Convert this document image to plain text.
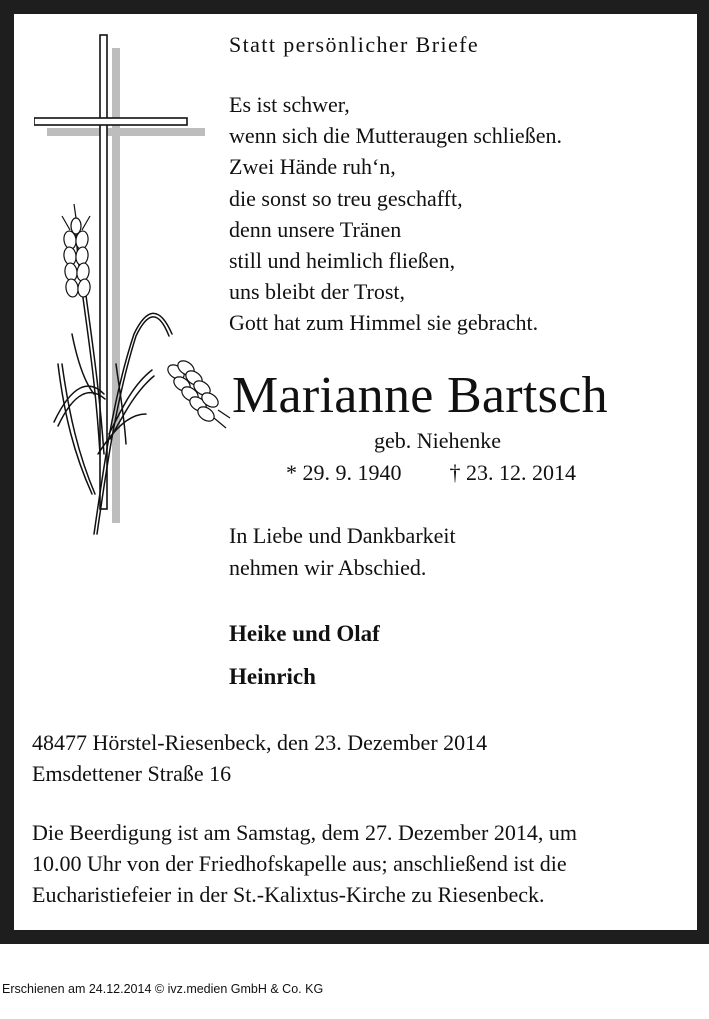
Statt persönlicher Briefe
Es ist schwer,
wenn sich die Mutteraugen schließen.
Zwei Hände ruh‘n,
die sonst so treu geschafft,
denn unsere Tränen
still und heimlich fließen,
uns bleibt der Trost,
Gott hat zum Himmel sie gebracht.
Marianne Bartsch
geb. Niehenke
* 29. 9. 1940 † 23. 12. 2014
In Liebe und Dankbarkeit
nehmen wir Abschied.
Heike und Olaf
Heinrich
48477 Hörstel-Riesenbeck, den 23. Dezember 2014
Emsdettener Straße 16
Die Beerdigung ist am Samstag, dem 27. Dezember 2014, um
10.00 Uhr von der Friedhofskapelle aus; anschließend ist die
Eucharistiefeier in der St.-Kalixtus-Kirche zu Riesenbeck.
Erschienen am 24.12.2014 © ivz.medien GmbH & Co. KG
